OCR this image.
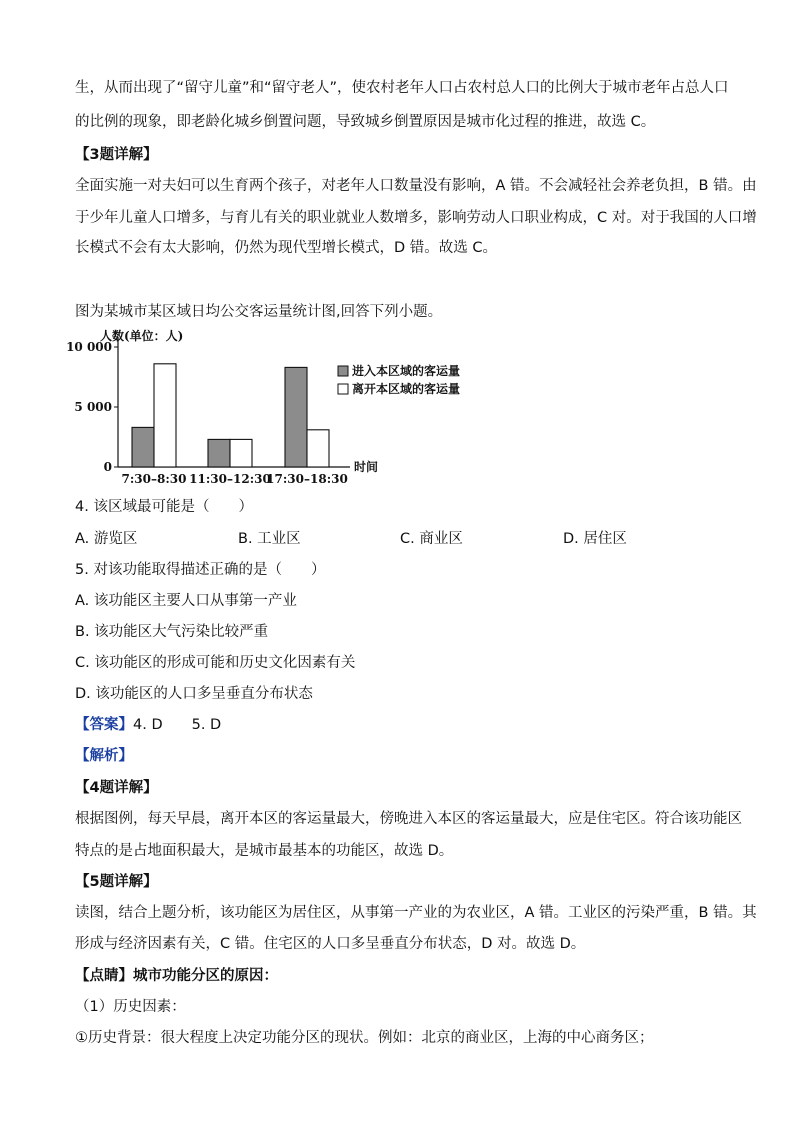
生，从而出现了“留守儿童”和“留守老人”，使农村老年人口占农村总人口的比例大于城市老年占总人口
的比例的现象，即老龄化城乡倒置问题，导致城乡倒置原因是城市化过程的推进，故选 C。
【3题详解】
全面实施一对夫妇可以生育两个孩子，对老年人口数量没有影响，A 错。不会减轻社会养老负担，B 错。由
于少年儿童人口增多，与育儿有关的职业就业人数增多，影响劳动人口职业构成，C 对。对于我国的人口增
长模式不会有太大影响，仍然为现代型增长模式，D 错。故选 C。
图为某城市某区域日均公交客运量统计图,回答下列小题。
人数(单位：人)
0
5 000
10 000
7:30–8:30 11:30–12:30
17:30–18:30
时间
进入本区域的客运量
离开本区域的客运量
4. 该区域最可能是（　　）
A. 游览区	B. 工业区	C. 商业区	D. 居住区
5. 对该功能取得描述正确的是（　　）
A. 该功能区主要人口从事第一产业
B. 该功能区大气污染比较严重
C. 该功能区的形成可能和历史文化因素有关
D. 该功能区的人口多呈垂直分布状态
【答案】4. D　　5. D
【解析】
【4题详解】
根据图例，每天早晨，离开本区的客运量最大，傍晚进入本区的客运量最大，应是住宅区。符合该功能区
特点的是占地面积最大，是城市最基本的功能区，故选 D。
【5题详解】
读图，结合上题分析，该功能区为居住区，从事第一产业的为农业区，A 错。工业区的污染严重，B 错。其
形成与经济因素有关，C 错。住宅区的人口多呈垂直分布状态，D 对。故选 D。
【点睛】城市功能分区的原因：
（1）历史因素：
①历史背景：很大程度上决定功能分区的现状。例如：北京的商业区，上海的中心商务区；
